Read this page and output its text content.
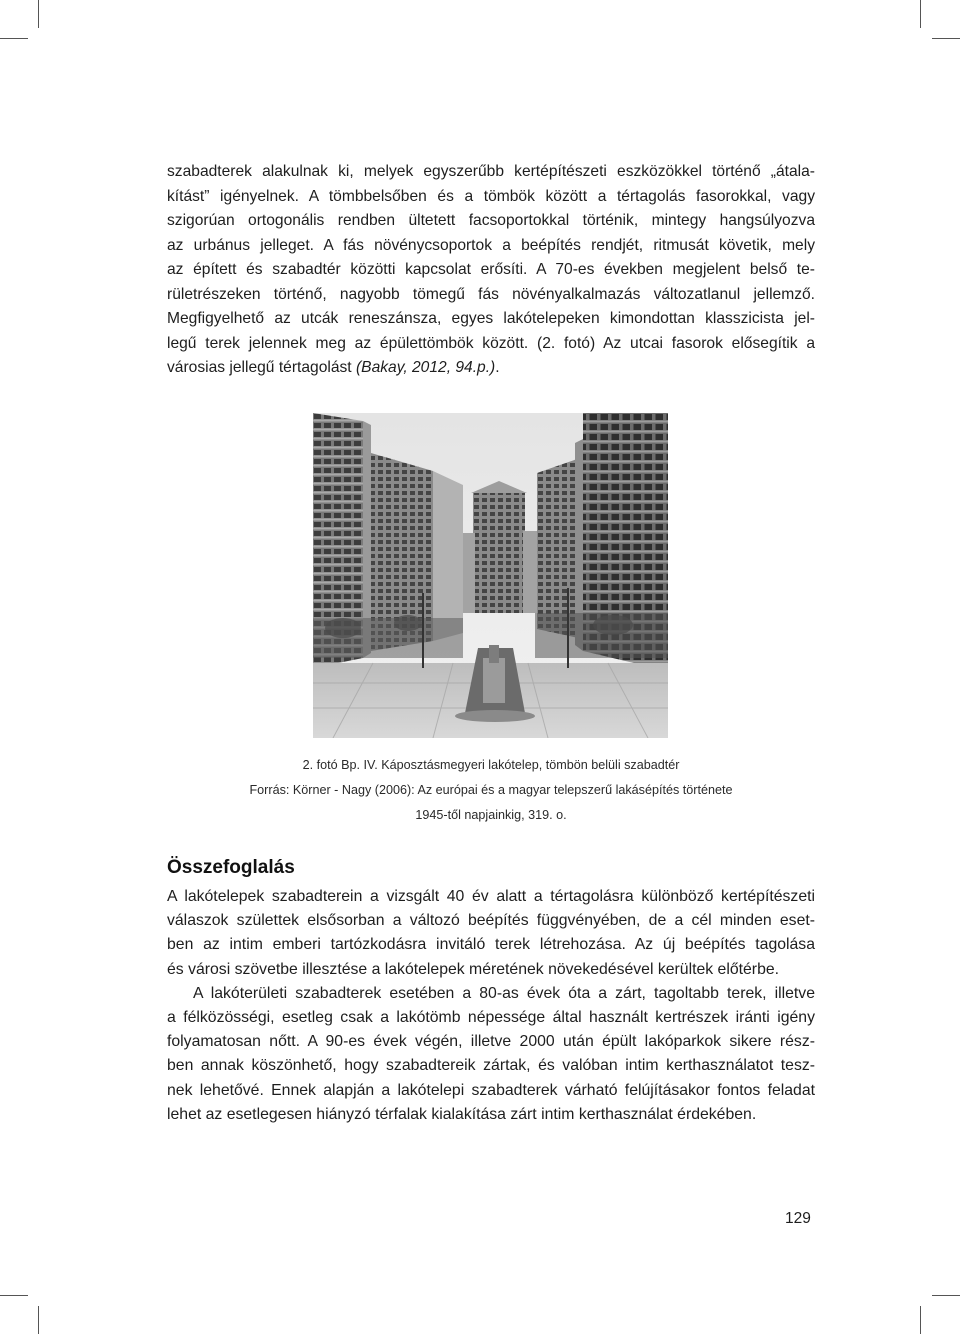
szabadterek alakulnak ki, melyek egyszerűbb kertépítészeti eszközökkel történő „átala-
kítást” igényelnek. A tömbbelsőben és a tömbök között a tértagolás fasorokkal, vagy
szigorúan ortogonális rendben ültetett facsoportokkal történik, mintegy hangsúlyozva
az urbánus jelleget. A fás növénycsoportok a beépítés rendjét, ritmusát követik, mely
az épített és szabadtér közötti kapcsolat erősíti. A 70-es években megjelent belső te-
rületrészeken történő, nagyobb tömegű fás növényalkalmazás változatlanul jellemző.
Megfigyelhető az utcák reneszánsza, egyes lakótelepeken kimondottan klasszicista jel-
legű terek jelennek meg az épülettömbök között. (2. fotó) Az utcai fasorok elősegítik a
városias jellegű tértagolást (Bakay, 2012, 94.p.).

2. fotó Bp. IV. Káposztásmegyeri lakótelep, tömbön belüli szabadtér

Forrás: Körner - Nagy (2006): Az európai és a magyar telepszerű lakásépítés története

1945-től napjainkig, 319. o.

Összefoglalás
A lakótelepek szabadterein a vizsgált 40 év alatt a tértagolásra különböző kertépítészeti
válaszok születtek elsősorban a változó beépítés függvényében, de a cél minden eset-
ben az intim emberi tartózkodásra invitáló terek létrehozása. Az új beépítés tagolása
és városi szövetbe illesztése a lakótelepek méretének növekedésével kerültek előtérbe.
A lakóterületi szabadterek esetében a 80-as évek óta a zárt, tagoltabb terek, illetve
a félközösségi, esetleg csak a lakótömb népessége által használt kertrészek iránti igény
folyamatosan nőtt. A 90-es évek végén, illetve 2000 után épült lakóparkok sikere rész-
ben annak köszönhető, hogy szabadtereik zártak, és valóban intim kerthasználatot tesz-
nek lehetővé. Ennek alapján a lakótelepi szabadterek várható felújításakor fontos feladat
lehet az esetlegesen hiányzó térfalak kialakítása zárt intim kerthasználat érdekében.

129
